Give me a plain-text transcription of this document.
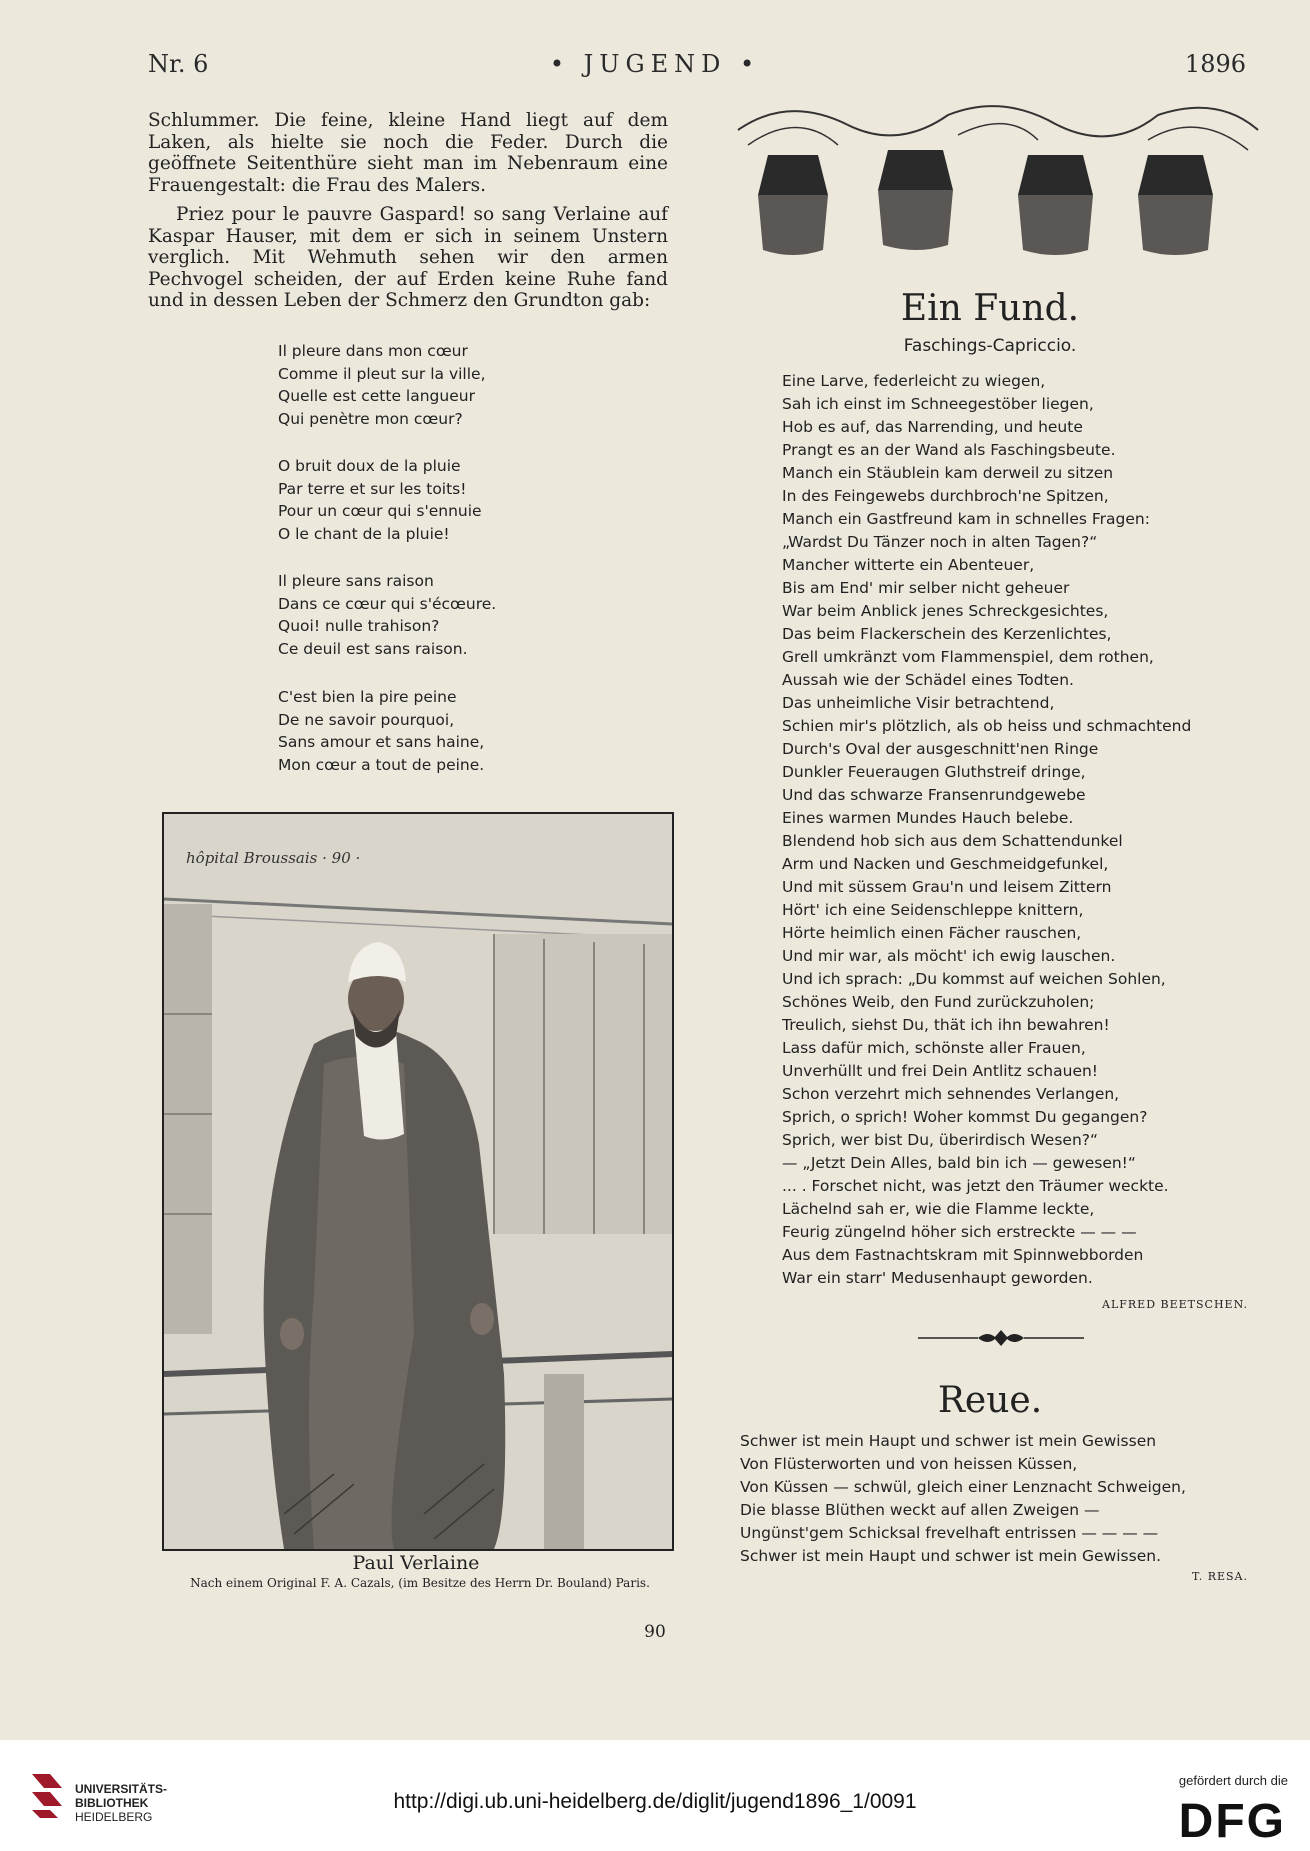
Nr. 6	• JUGEND •	1896

Schlummer. Die feine, kleine Hand liegt auf dem Laken, als hielte sie noch die Feder. Durch die geöffnete Seitenthüre sieht man im Nebenraum eine Frauengestalt: die Frau des Malers.

Priez pour le pauvre Gaspard! so sang Verlaine auf Kaspar Hauser, mit dem er sich in seinem Unstern verglich. Mit Wehmuth sehen wir den armen Pechvogel scheiden, der auf Erden keine Ruhe fand und in dessen Leben der Schmerz den Grundton gab:

Il pleure dans mon cœur
Comme il pleut sur la ville,
Quelle est cette langueur
Qui penètre mon cœur?
O bruit doux de la pluie
Par terre et sur les toits!
Pour un cœur qui s'ennuie
O le chant de la pluie!
Il pleure sans raison
Dans ce cœur qui s'écœure.
Quoi! nulle trahison?
Ce deuil est sans raison.
C'est bien la pire peine
De ne savoir pourquoi,
Sans amour et sans haine,
Mon cœur a tout de peine.
hôpital Broussais · 90 ·
Paul Verlaine
Nach einem Original F. A. Cazals, (im Besitze des Herrn Dr. Bouland) Paris.
Ein Fund.
Faschings-Capriccio.
Eine Larve, federleicht zu wiegen,
Sah ich einst im Schneegestöber liegen,
Hob es auf, das Narrending, und heute
Prangt es an der Wand als Faschingsbeute.
Manch ein Stäublein kam derweil zu sitzen
In des Feingewebs durchbroch'ne Spitzen,
Manch ein Gastfreund kam in schnelles Fragen:
„Wardst Du Tänzer noch in alten Tagen?“
Mancher witterte ein Abenteuer,
Bis am End' mir selber nicht geheuer
War beim Anblick jenes Schreckgesichtes,
Das beim Flackerschein des Kerzenlichtes,
Grell umkränzt vom Flammenspiel, dem rothen,
Aussah wie der Schädel eines Todten.
Das unheimliche Visir betrachtend,
Schien mir's plötzlich, als ob heiss und schmachtend
Durch's Oval der ausgeschnitt'nen Ringe
Dunkler Feueraugen Gluthstreif dringe,
Und das schwarze Fransenrundgewebe
Eines warmen Mundes Hauch belebe.
Blendend hob sich aus dem Schattendunkel
Arm und Nacken und Geschmeidgefunkel,
Und mit süssem Grau'n und leisem Zittern
Hört' ich eine Seidenschleppe knittern,
Hörte heimlich einen Fächer rauschen,
Und mir war, als möcht' ich ewig lauschen.
Und ich sprach: „Du kommst auf weichen Sohlen,
Schönes Weib, den Fund zurückzuholen;
Treulich, siehst Du, thät ich ihn bewahren!
Lass dafür mich, schönste aller Frauen,
Unverhüllt und frei Dein Antlitz schauen!
Schon verzehrt mich sehnendes Verlangen,
Sprich, o sprich! Woher kommst Du gegangen?
Sprich, wer bist Du, überirdisch Wesen?“
— „Jetzt Dein Alles, bald bin ich — gewesen!“
... . Forschet nicht, was jetzt den Träumer weckte.
Lächelnd sah er, wie die Flamme leckte,
Feurig züngelnd höher sich erstreckte — — —
Aus dem Fastnachtskram mit Spinnwebborden
War ein starr' Medusenhaupt geworden.
ALFRED BEETSCHEN.
Reue.
Schwer ist mein Haupt und schwer ist mein Gewissen
Von Flüsterworten und von heissen Küssen,
Von Küssen — schwül, gleich einer Lenznacht Schweigen,
Die blasse Blüthen weckt auf allen Zweigen —
Ungünst'gem Schicksal frevelhaft entrissen — — — —
Schwer ist mein Haupt und schwer ist mein Gewissen.
T. RESA.
90
UNIVERSITÄTS-
BIBLIOTHEK
HEIDELBERG
http://digi.ub.uni-heidelberg.de/diglit/jugend1896_1/0091
gefördert durch die
DFG
